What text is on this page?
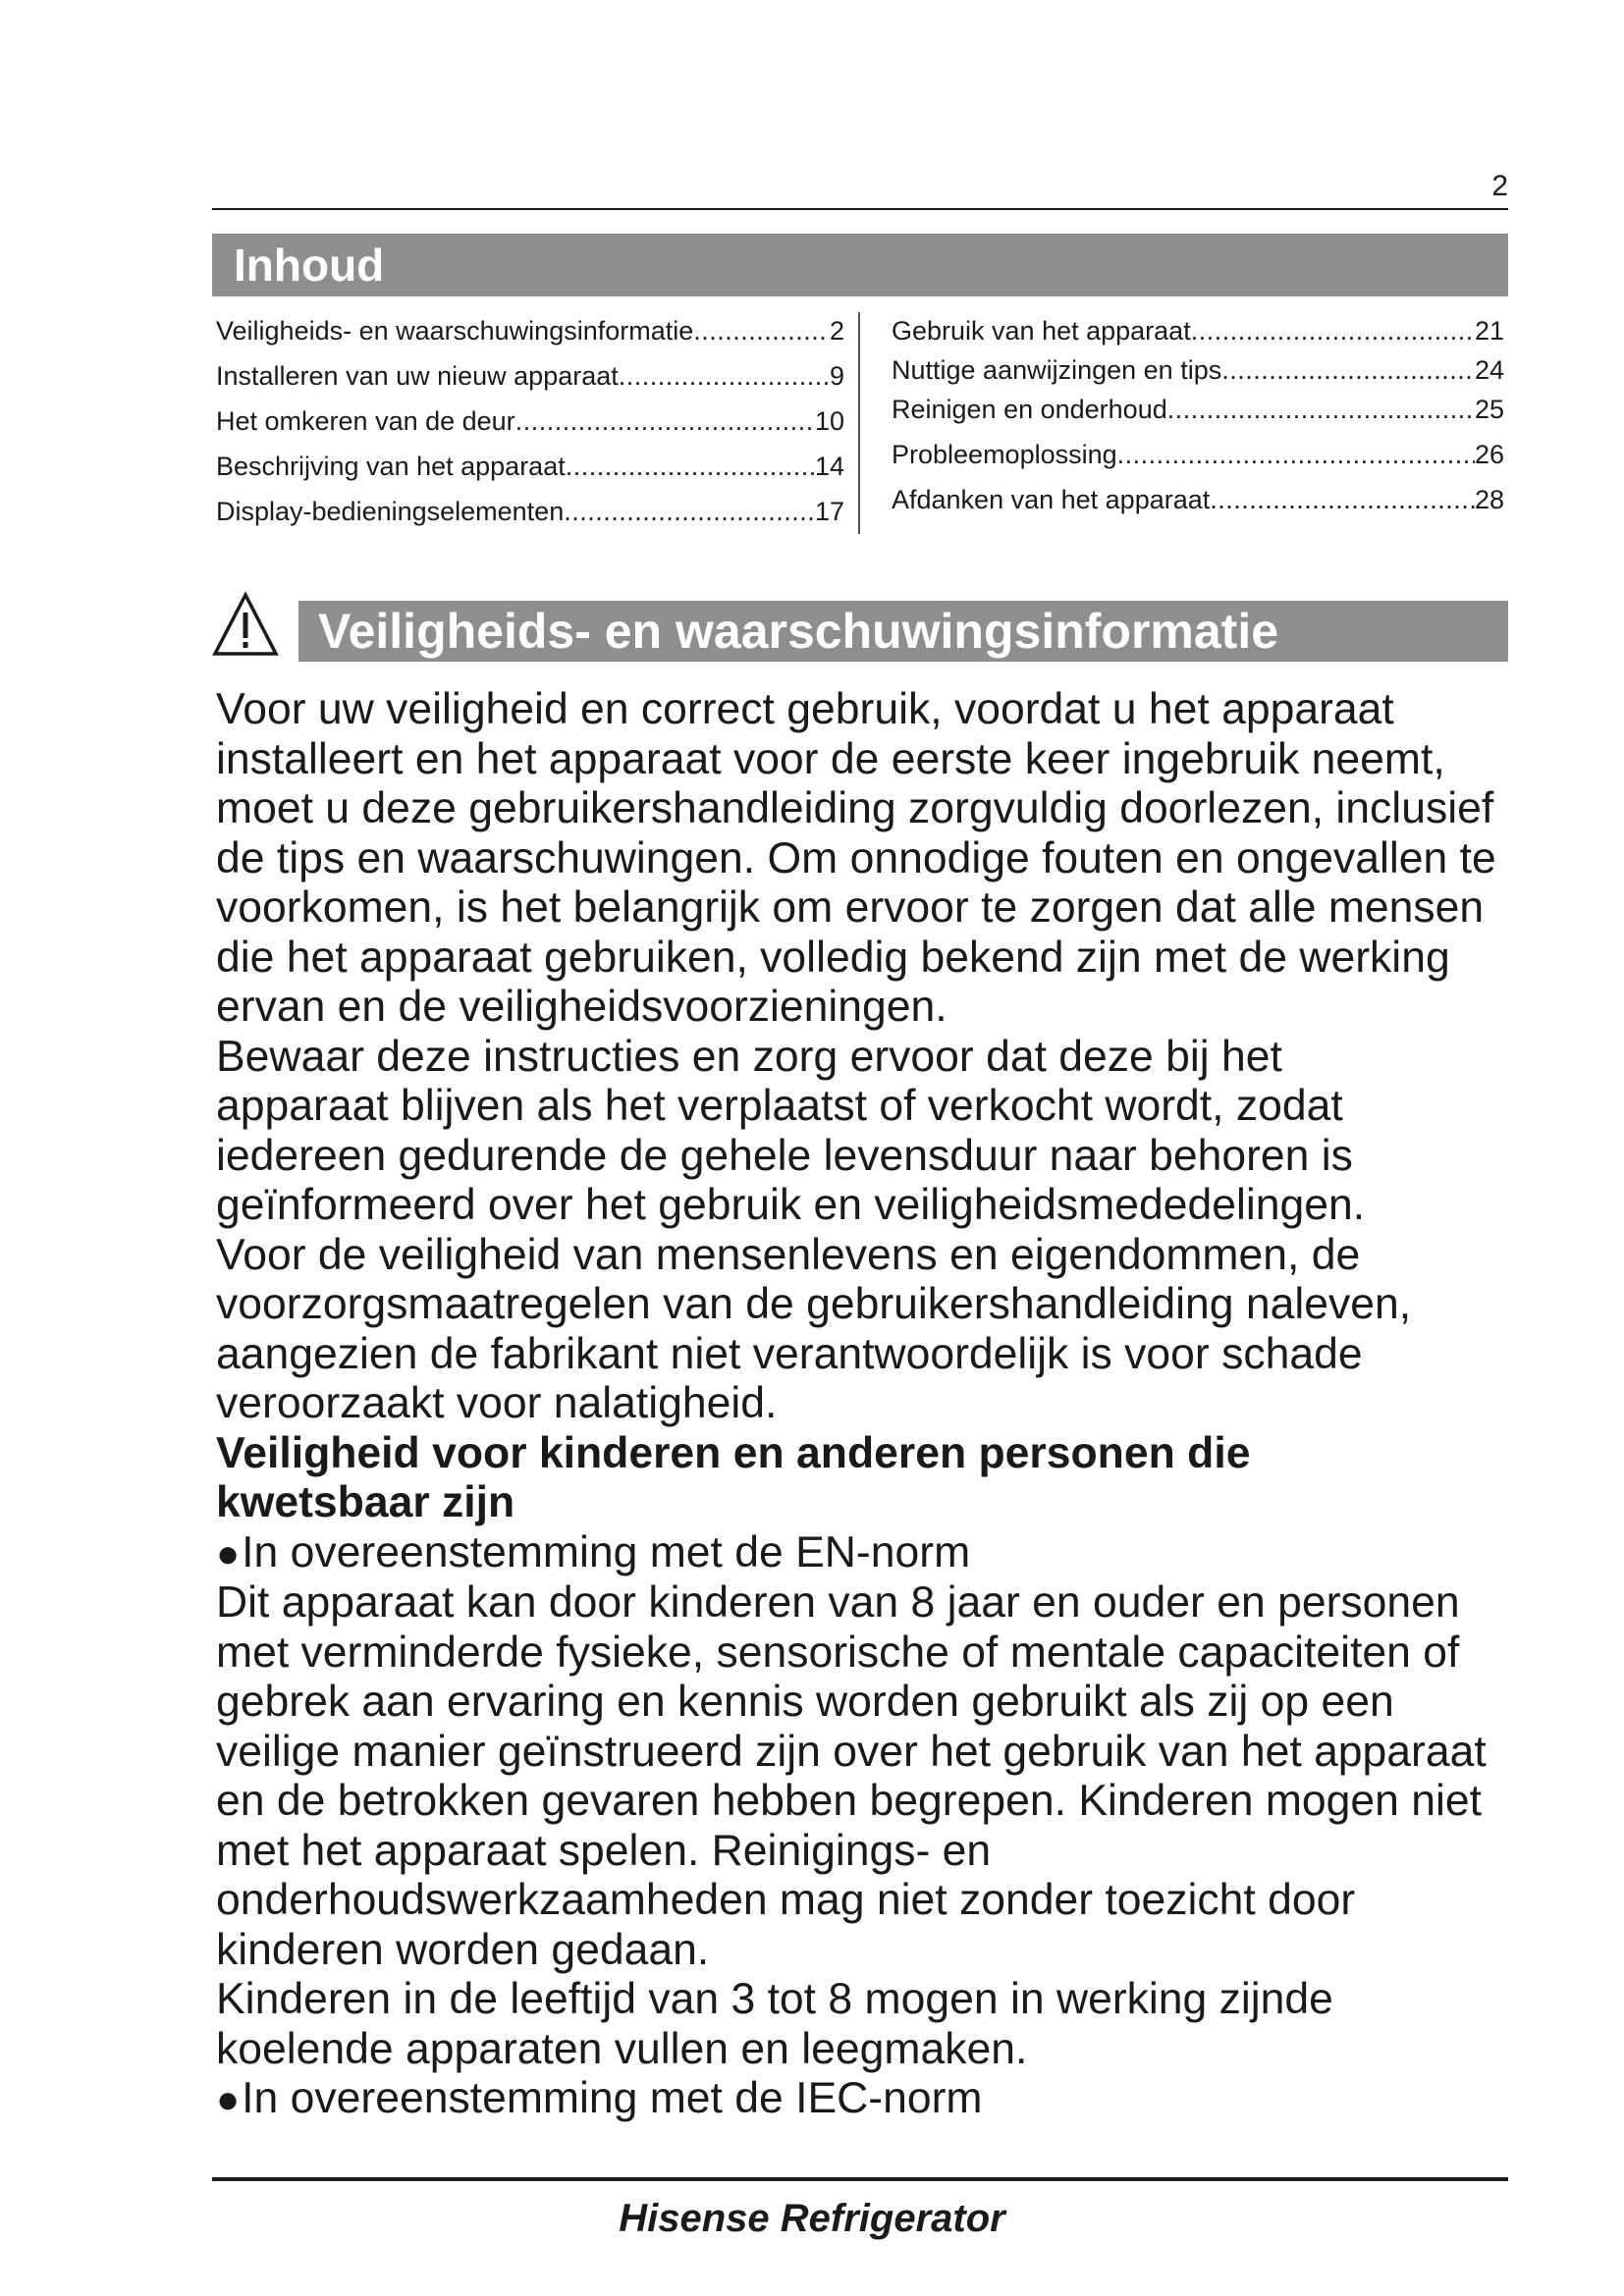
2
Inhoud
Veiligheids- en waarschuwingsinformatie .....	2
Installeren van uw nieuw apparaat .....	9
Het omkeren van de deur .....	10
Beschrijving van het apparaat .....	14
Display-bedieningselementen .....	17
Gebruik van het apparaat .....	21
Nuttige aanwijzingen en tips .....	24
Reinigen en onderhoud .....	25
Probleemoplossing .....	26
Afdanken van het apparaat .....	28
Veiligheids- en waarschuwingsinformatie

Voor uw veiligheid en correct gebruik, voordat u het apparaat installeert en het apparaat voor de eerste keer ingebruik neemt, moet u deze gebruikershandleiding zorgvuldig doorlezen, inclusief de tips en waarschuwingen. Om onnodige fouten en ongevallen te voorkomen, is het belangrijk om ervoor te zorgen dat alle mensen die het apparaat gebruiken, volledig bekend zijn met de werking ervan en de veiligheidsvoorzieningen.

Bewaar deze instructies en zorg ervoor dat deze bij het apparaat blijven als het verplaatst of verkocht wordt, zodat iedereen gedurende de gehele levensduur naar behoren is geïnformeerd over het gebruik en veiligheidsmededelingen.

Voor de veiligheid van mensenlevens en eigendommen, de voorzorgsmaatregelen van de gebruikershandleiding naleven, aangezien de fabrikant niet verantwoordelijk is voor schade veroorzaakt voor nalatigheid.

Veiligheid voor kinderen en anderen personen die kwetsbaar zijn

● In overeenstemming met de EN-norm

Dit apparaat kan door kinderen van 8 jaar en ouder en personen met verminderde fysieke, sensorische of mentale capaciteiten of gebrek aan ervaring en kennis worden gebruikt als zij op een veilige manier geïnstrueerd zijn over het gebruik van het apparaat en de betrokken gevaren hebben begrepen. Kinderen mogen niet met het apparaat spelen. Reinigings- en onderhoudswerkzaamheden mag niet zonder toezicht door kinderen worden gedaan.

Kinderen in de leeftijd van 3 tot 8 mogen in werking zijnde koelende apparaten vullen en leegmaken.

● In overeenstemming met de IEC-norm

Hisense Refrigerator
